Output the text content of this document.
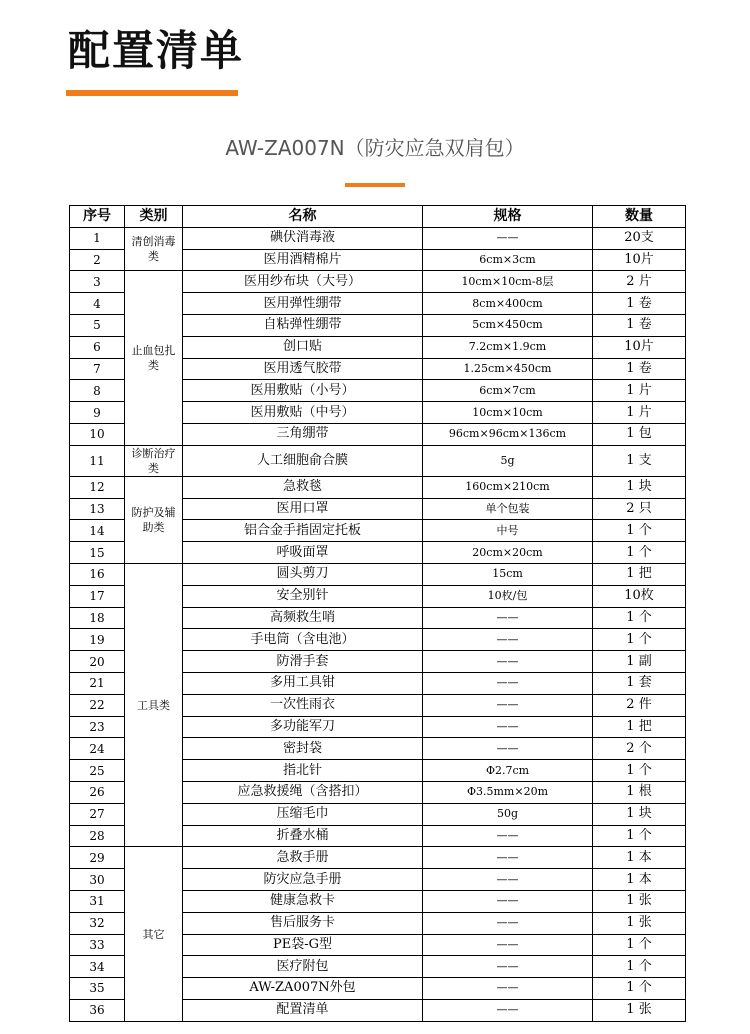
配置清单
AW-ZA007N（防灾应急双肩包）
序号	类别	名称	规格	数量
1	清创消毒类	碘伏消毒液	——	20支
2		医用酒精棉片	6cm×3cm	10片
3	止血包扎类	医用纱布块（大号）	10cm×10cm-8层	2 片
4		医用弹性绷带	8cm×400cm	1 卷
5		自粘弹性绷带	5cm×450cm	1 卷
6		创口贴	7.2cm×1.9cm	10片
7		医用透气胶带	1.25cm×450cm	1 卷
8		医用敷贴（小号）	6cm×7cm	1 片
9		医用敷贴（中号）	10cm×10cm	1 片
10		三角绷带	96cm×96cm×136cm	1 包
11	诊断治疗类	人工细胞俞合膜	5g	1 支
12	防护及辅助类	急救毯	160cm×210cm	1 块
13		医用口罩	单个包装	2 只
14		铝合金手指固定托板	中号	1 个
15		呼吸面罩	20cm×20cm	1 个
16	工具类	圆头剪刀	15cm	1 把
17		安全别针	10枚/包	10枚
18		高频救生哨	——	1 个
19		手电筒（含电池）	——	1 个
20		防滑手套	——	1 副
21		多用工具钳	——	1 套
22		一次性雨衣	——	2 件
23		多功能军刀	——	1 把
24		密封袋	——	2 个
25		指北针	Φ2.7cm	1 个
26		应急救援绳（含搭扣）	Φ3.5mm×20m	1 根
27		压缩毛巾	50g	1 块
28		折叠水桶	——	1 个
29	其它	急救手册	——	1 本
30		防灾应急手册	——	1 本
31		健康急救卡	——	1 张
32		售后服务卡	——	1 张
33		PE袋-G型	——	1 个
34		医疗附包	——	1 个
35		AW-ZA007N外包	——	1 个
36		配置清单	——	1 张
